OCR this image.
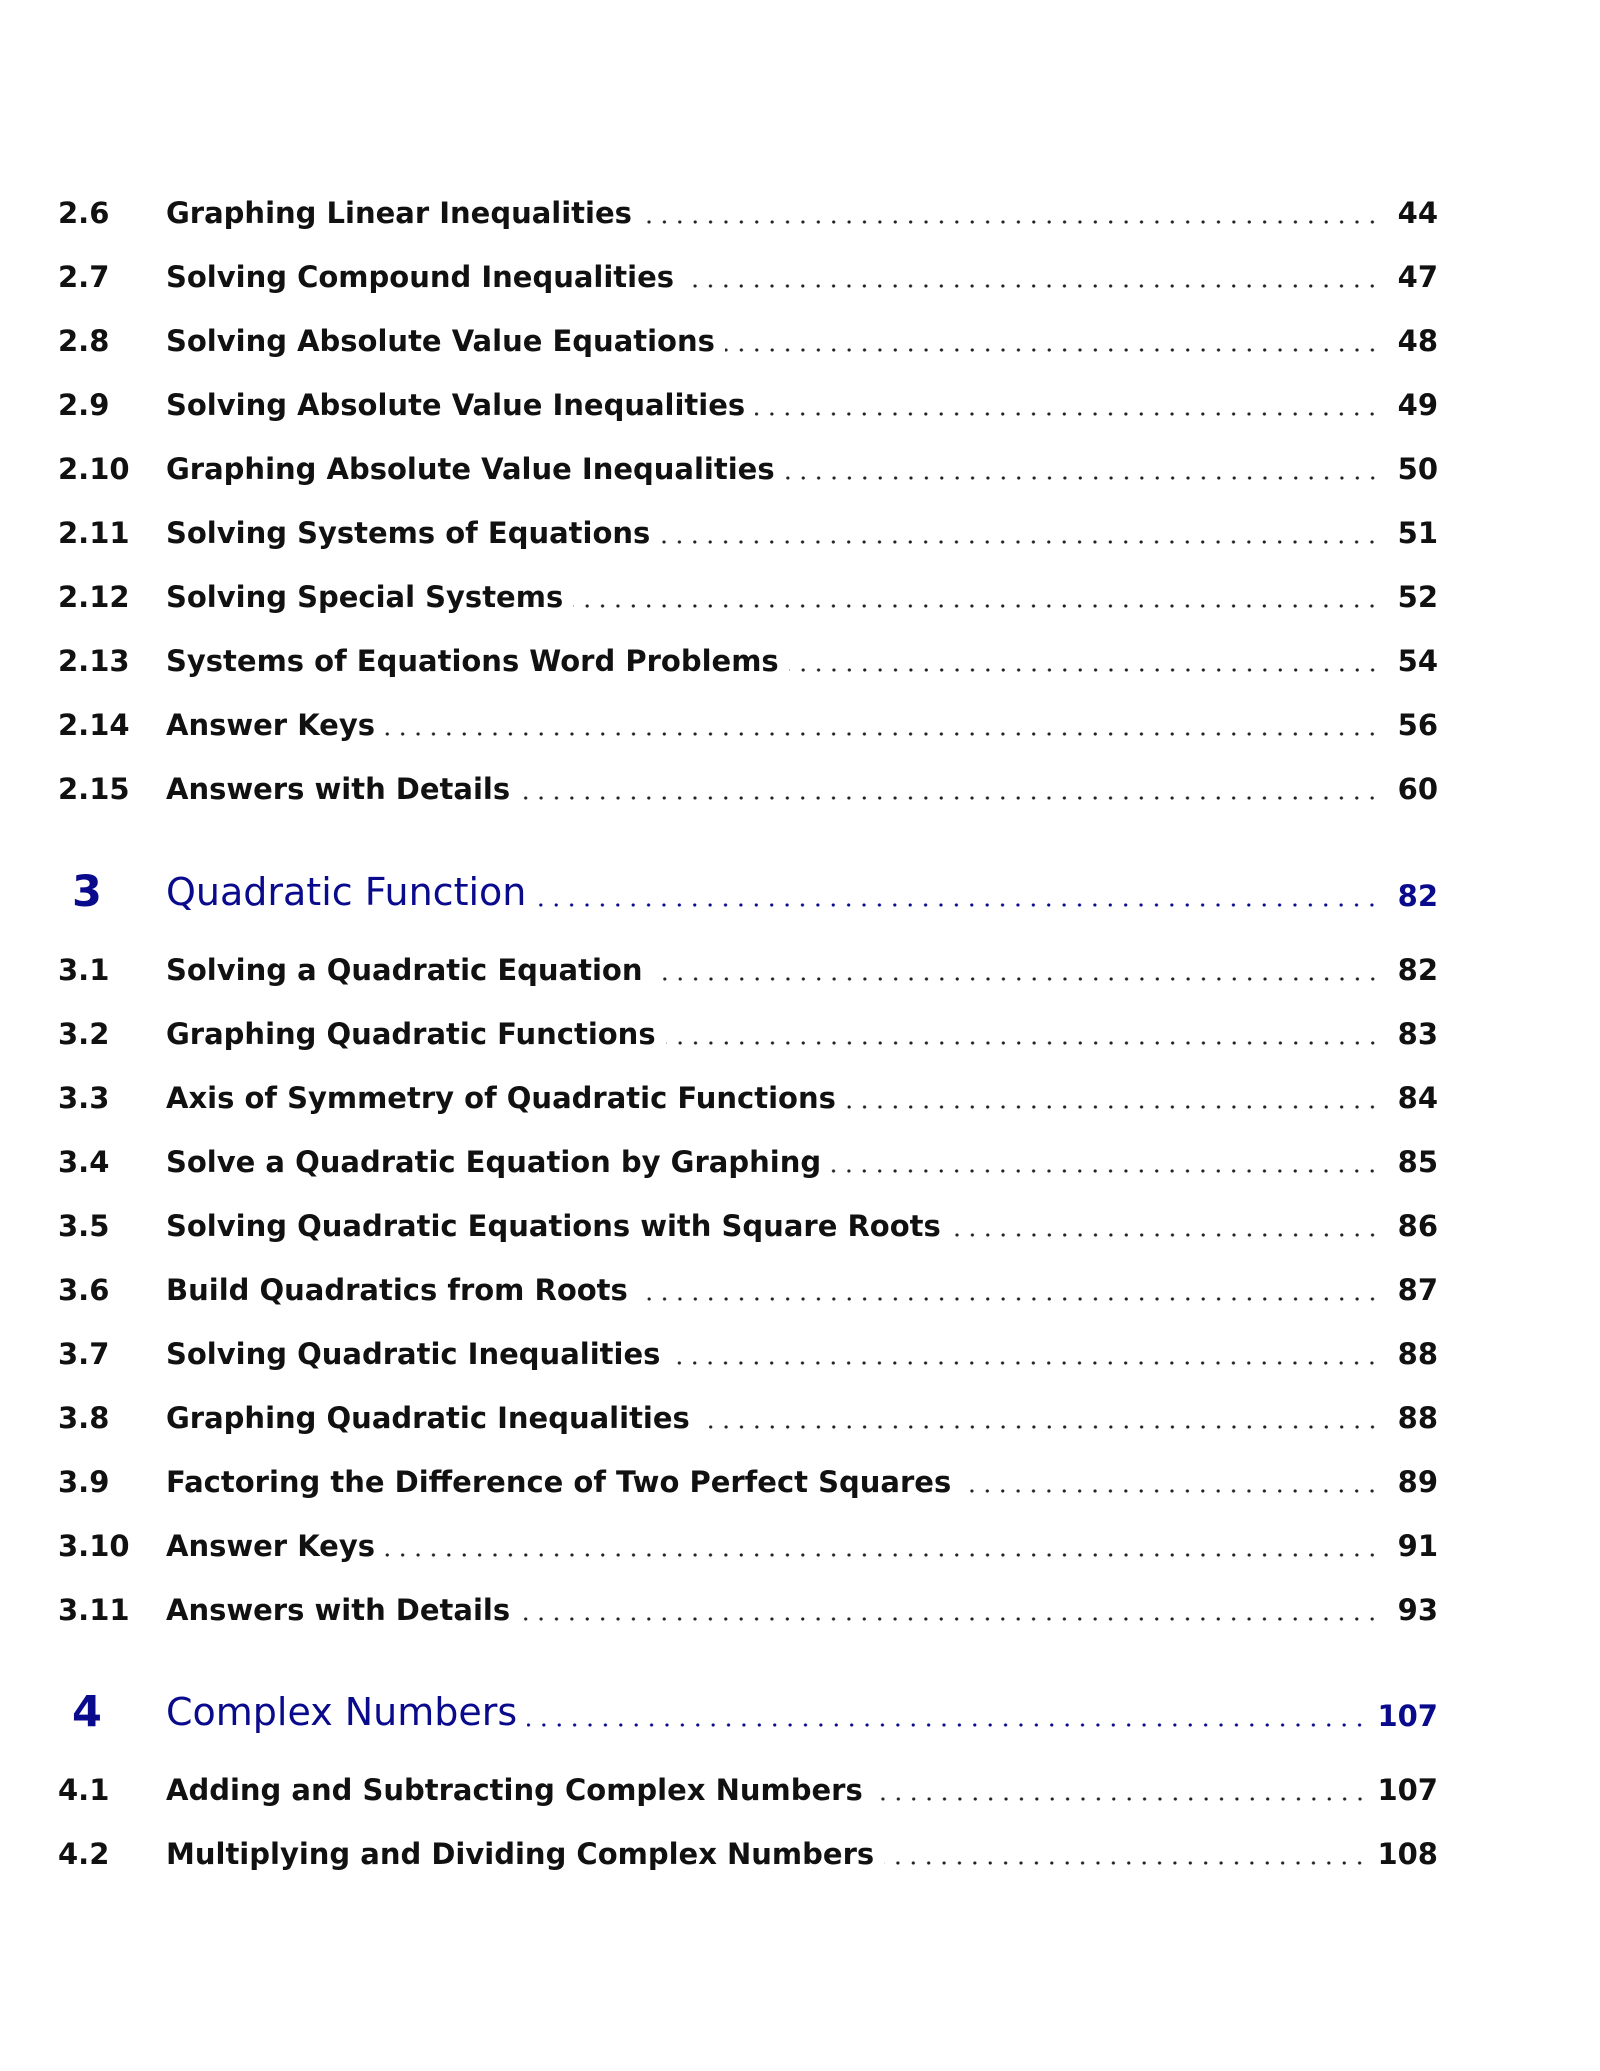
2.6	Graphing Linear Inequalities	44
2.7	Solving Compound Inequalities	47
2.8	Solving Absolute Value Equations	48
2.9	Solving Absolute Value Inequalities	49
2.10	Graphing Absolute Value Inequalities	50
2.11	Solving Systems of Equations	51
2.12	Solving Special Systems	52
2.13	Systems of Equations Word Problems	54
2.14	Answer Keys	56
2.15	Answers with Details	60
3	Quadratic Function	82
3.1	Solving a Quadratic Equation	82
3.2	Graphing Quadratic Functions	83
3.3	Axis of Symmetry of Quadratic Functions	84
3.4	Solve a Quadratic Equation by Graphing	85
3.5	Solving Quadratic Equations with Square Roots	86
3.6	Build Quadratics from Roots	87
3.7	Solving Quadratic Inequalities	88
3.8	Graphing Quadratic Inequalities	88
3.9	Factoring the Difference of Two Perfect Squares	89
3.10	Answer Keys	91
3.11	Answers with Details	93
4	Complex Numbers	107
4.1	Adding and Subtracting Complex Numbers	107
4.2	Multiplying and Dividing Complex Numbers	108
